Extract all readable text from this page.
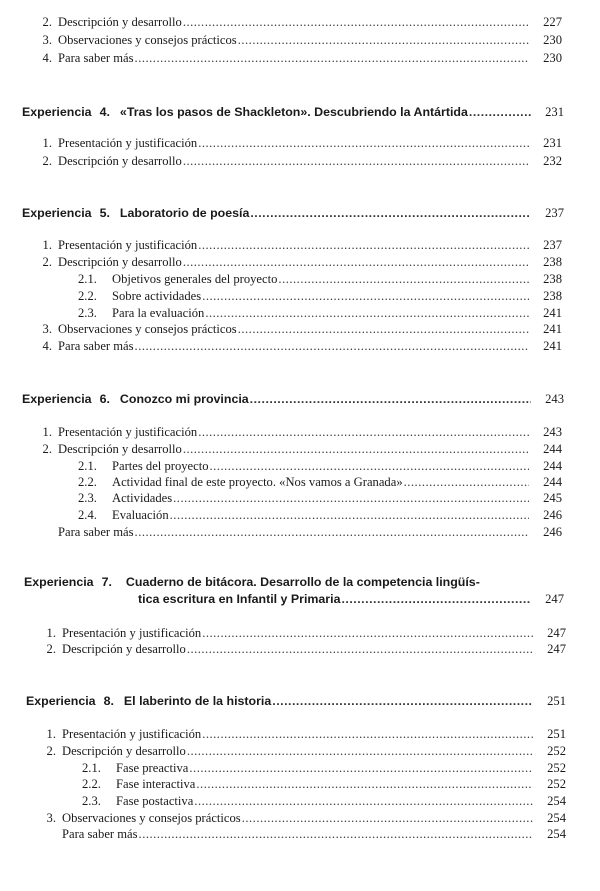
2. Descripción y desarrollo .....	227
3. Observaciones y consejos prácticos .....	230
4. Para saber más .....	230
Experiencia 4. «Tras los pasos de Shackleton». Descubriendo la Antártida .....	231
1. Presentación y justificación .....	231
2. Descripción y desarrollo .....	232
Experiencia 5. Laboratorio de poesía .....	237
1. Presentación y justificación .....	237
2. Descripción y desarrollo .....	238
2.1.	Objetivos generales del proyecto .....	238
2.2.	Sobre actividades .....	238
2.3.	Para la evaluación .....	241
3. Observaciones y consejos prácticos .....	241
4. Para saber más .....	241
Experiencia 6. Conozco mi provincia .....	243
1. Presentación y justificación .....	243
2. Descripción y desarrollo .....	244
2.1.	Partes del proyecto .....	244
2.2.	Actividad final de este proyecto. «Nos vamos a Granada» .....	244
2.3.	Actividades .....	245
2.4.	Evaluación .....	246
Para saber más .....	246
Experiencia 7. Cuaderno de bitácora. Desarrollo de la competencia lingüís-
tica escritura en Infantil y Primaria .....	247
1. Presentación y justificación .....	247
2. Descripción y desarrollo .....	247
Experiencia 8. El laberinto de la historia .....	251
1. Presentación y justificación .....	251
2. Descripción y desarrollo .....	252
2.1.	Fase preactiva .....	252
2.2.	Fase interactiva .....	252
2.3.	Fase postactiva .....	254
3. Observaciones y consejos prácticos .....	254
Para saber más .....	254
